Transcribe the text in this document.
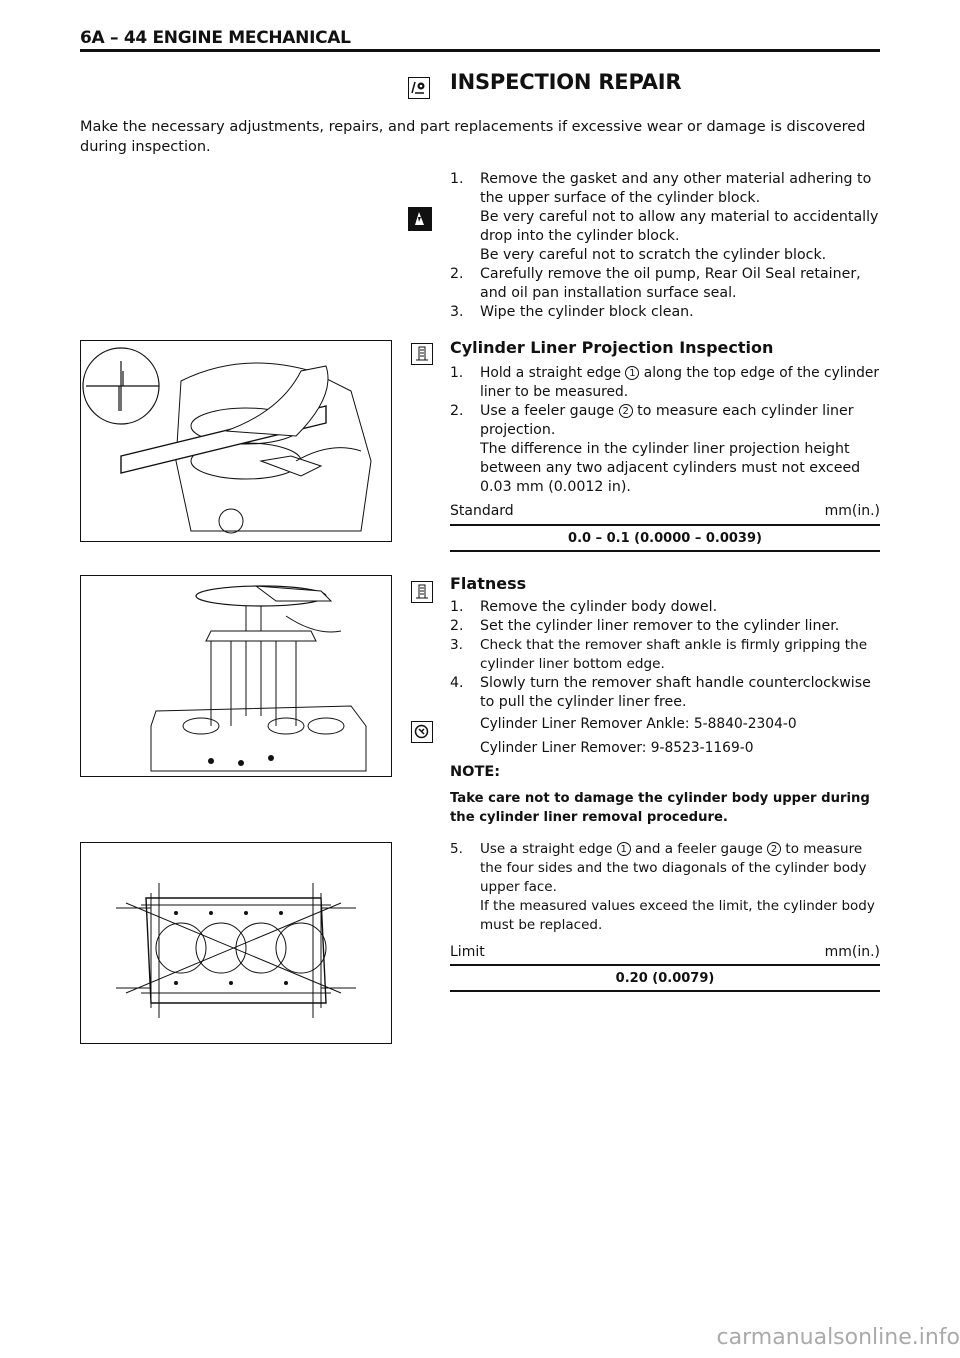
6A – 44 ENGINE MECHANICAL
INSPECTION REPAIR
Make the necessary adjustments, repairs, and part replacements if excessive wear or damage is discovered during inspection.
1. Remove the gasket and any other material adhering to the upper surface of the cylinder block.
Be very careful not to allow any material to accidentally drop into the cylinder block.
Be very careful not to scratch the cylinder block.
2. Carefully remove the oil pump, Rear Oil Seal retainer, and oil pan installation surface seal.
3. Wipe the cylinder block clean.
Cylinder Liner Projection Inspection
1. Hold a straight edge 1 along the top edge of the cylinder liner to be measured.
2. Use a feeler gauge 2 to measure each cylinder liner projection.
The difference in the cylinder liner projection height between any two adjacent cylinders must not exceed 0.03 mm (0.0012 in).
Standard	mm(in.)
0.0 – 0.1 (0.0000 – 0.0039)
Flatness
1. Remove the cylinder body dowel.
2. Set the cylinder liner remover to the cylinder liner.
3. Check that the remover shaft ankle is firmly gripping the cylinder liner bottom edge.
4. Slowly turn the remover shaft handle counterclockwise to pull the cylinder liner free.
Cylinder Liner Remover Ankle: 5-8840-2304-0
Cylinder Liner Remover: 9-8523-1169-0
NOTE:
Take care not to damage the cylinder body upper during the cylinder liner removal procedure.
5. Use a straight edge 1 and a feeler gauge 2 to measure the four sides and the two diagonals of the cylinder body upper face.
If the measured values exceed the limit, the cylinder body must be replaced.
Limit	mm(in.)
0.20 (0.0079)
carmanualsonline.info
